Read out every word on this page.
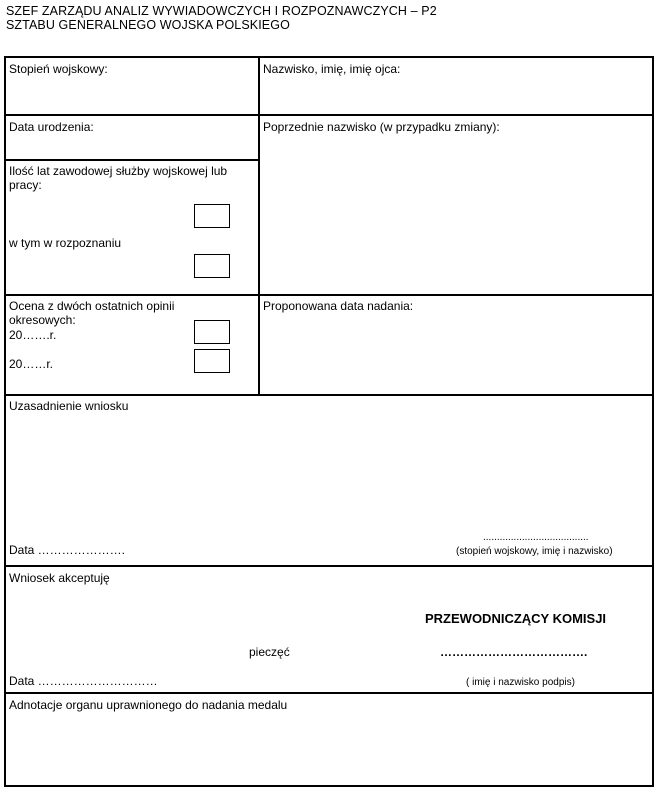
SZEF ZARZĄDU ANALIZ WYWIADOWCZYCH I ROZPOZNAWCZYCH – P2
SZTABU GENERALNEGO WOJSKA POLSKIEGO
Stopień wojskowy:	Nazwisko, imię, imię ojca:
Data urodzenia:	Poprzednie nazwisko (w przypadku zmiany):
Ilość lat zawodowej służby wojskowej lub pracy:
w tym w rozpoznaniu
Ocena z dwóch ostatnich opinii okresowych:
20…….r.
20……r.
Proponowana data nadania:
Uzasadnienie wniosku
......................................
Data ………………….	(stopień wojskowy, imię i nazwisko)
Wniosek akceptuję
PRZEWODNICZĄCY KOMISJI
pieczęć	……………………………….
Data …………………………	( imię i nazwisko podpis)
Adnotacje organu uprawnionego do nadania medalu
